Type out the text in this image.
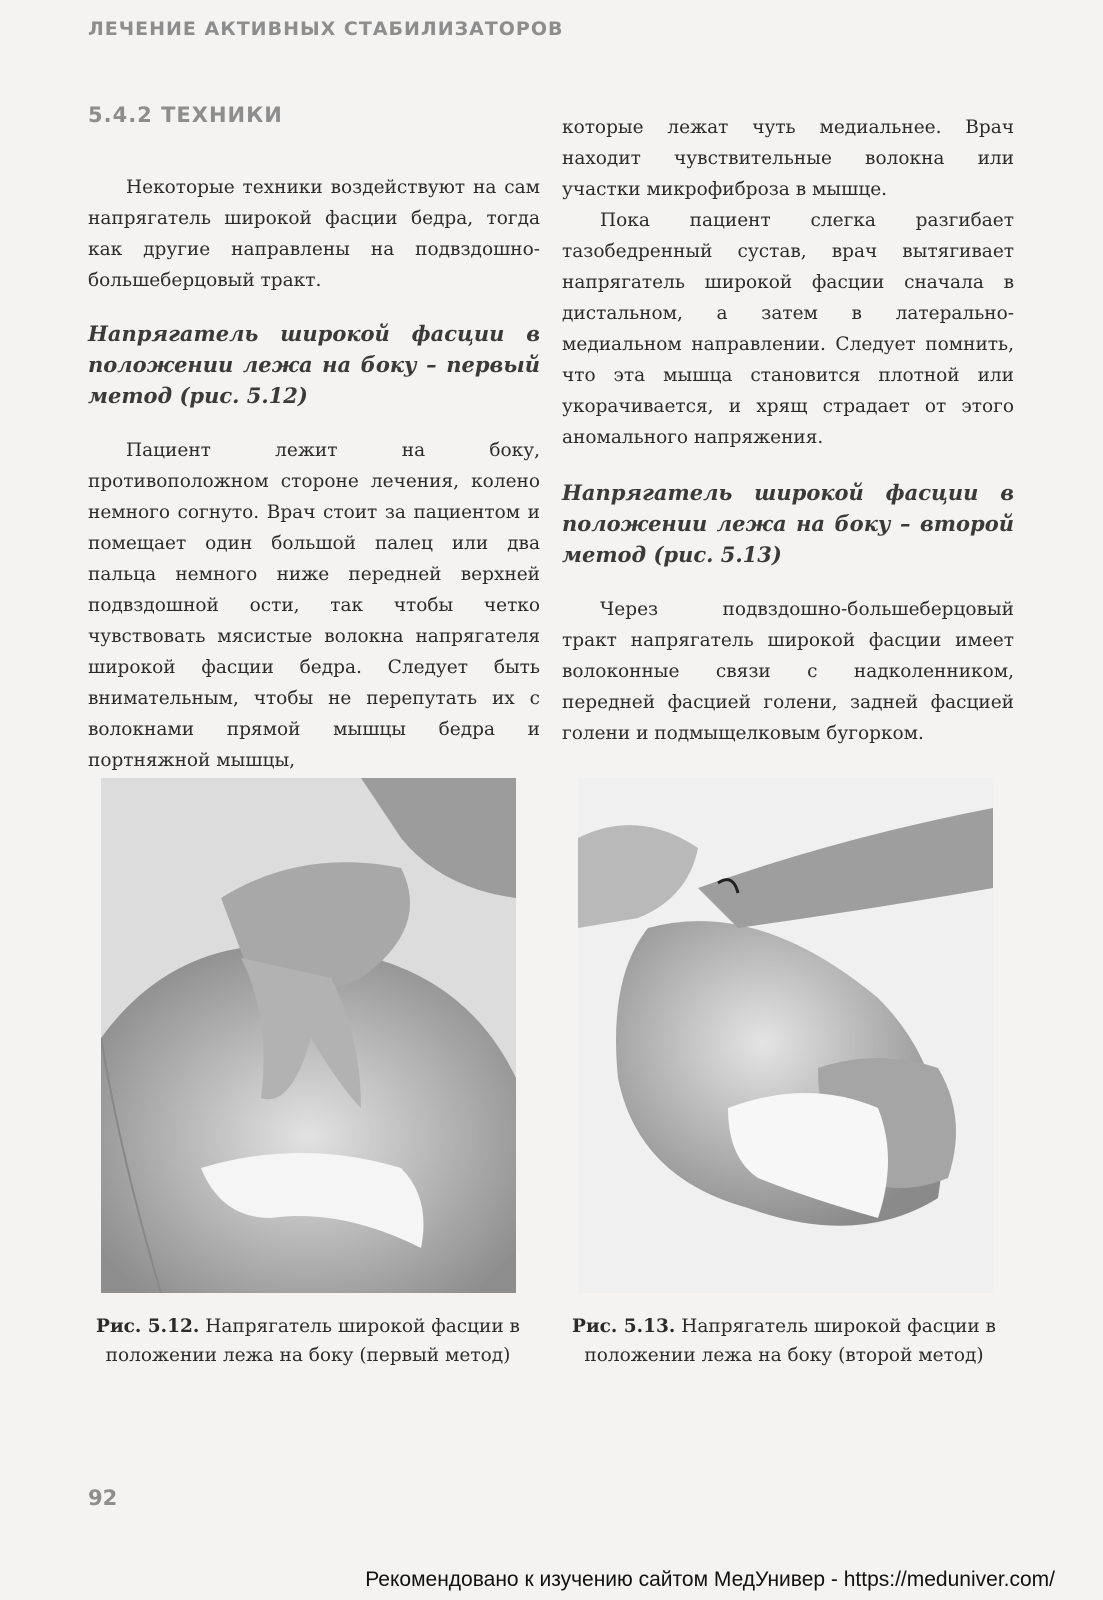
ЛЕЧЕНИЕ АКТИВНЫХ СТАБИЛИЗАТОРОВ
5.4.2 ТЕХНИКИ

Некоторые техники воздействуют на сам напрягатель широкой фасции бедра, тогда как другие направлены на подвздошно-большеберцовый тракт.

Напрягатель широкой фасции в положении лежа на боку – первый метод (рис. 5.12)

Пациент лежит на боку, противоположном стороне лечения, колено немного согнуто. Врач стоит за пациентом и помещает один большой палец или два пальца немного ниже передней верхней подвздошной ости, так чтобы четко чувствовать мясистые волокна напрягателя широкой фасции бедра. Следует быть внимательным, чтобы не перепутать их с волокнами прямой мышцы бедра и портняжной мышцы,

которые лежат чуть медиальнее. Врач находит чувствительные волокна или участки микрофиброза в мышце.

Пока пациент слегка разгибает тазобедренный сустав, врач вытягивает напрягатель широкой фасции сначала в дистальном, а затем в латерально-медиальном направлении. Следует помнить, что эта мышца становится плотной или укорачивается, и хрящ страдает от этого аномального напряжения.

Напрягатель широкой фасции в положении лежа на боку – второй метод (рис. 5.13)

Через подвздошно-большеберцовый тракт напрягатель широкой фасции имеет волоконные связи с надколенником, передней фасцией голени, задней фасцией голени и подмыщелковым бугорком.

Рис. 5.12. Напрягатель широкой фасции в положении лежа на боку (первый метод)
Рис. 5.13. Напрягатель широкой фасции в положении лежа на боку (второй метод)
92
Рекомендовано к изучению сайтом МедУнивер - https://meduniver.com/
